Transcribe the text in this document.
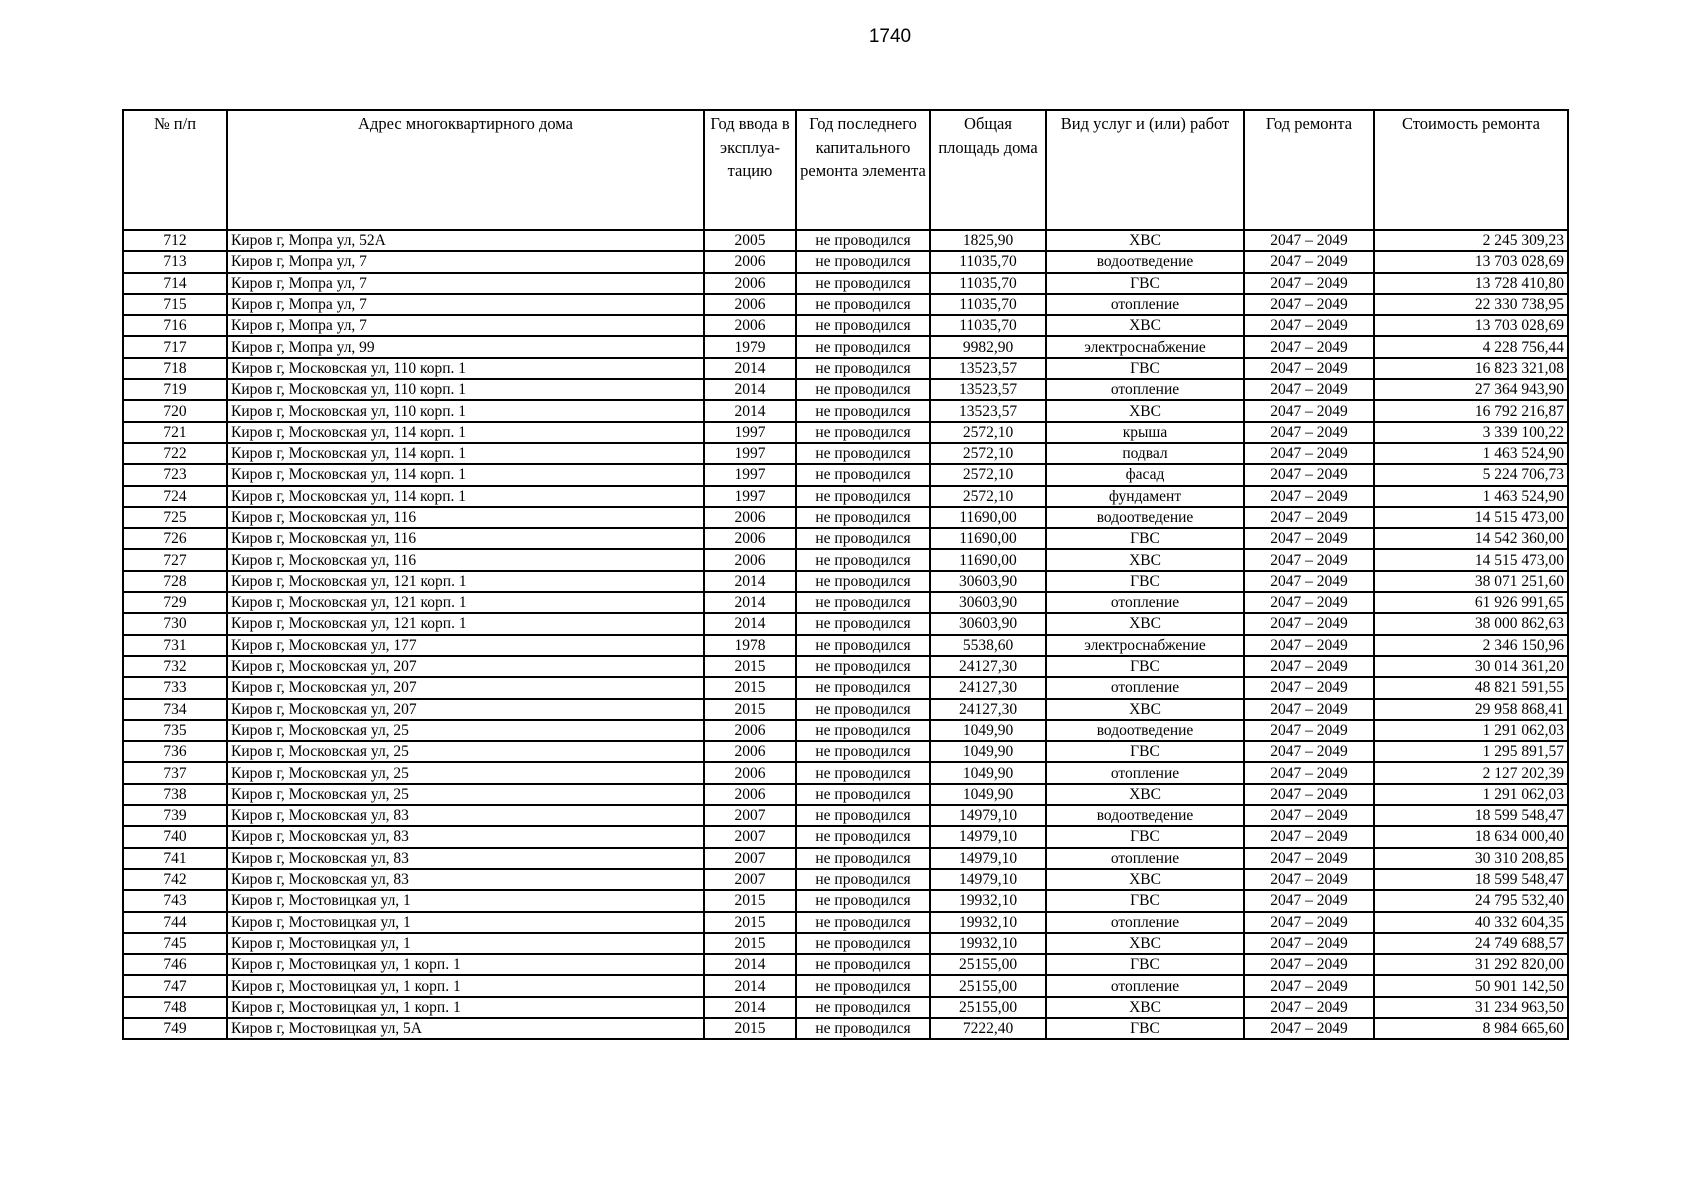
1740
№ п/п	Адрес многоквартирного дома	Год ввода в эксплуа-тацию	Год последнего капитального ремонта элемента	Общая площадь дома	Вид услуг и (или) работ	Год ремонта	Стоимость ремонта
712	Киров г, Мопра ул, 52А	2005	не проводился	1825,90	ХВС	2047 – 2049	2 245 309,23
713	Киров г, Мопра ул, 7	2006	не проводился	11035,70	водоотведение	2047 – 2049	13 703 028,69
714	Киров г, Мопра ул, 7	2006	не проводился	11035,70	ГВС	2047 – 2049	13 728 410,80
715	Киров г, Мопра ул, 7	2006	не проводился	11035,70	отопление	2047 – 2049	22 330 738,95
716	Киров г, Мопра ул, 7	2006	не проводился	11035,70	ХВС	2047 – 2049	13 703 028,69
717	Киров г, Мопра ул, 99	1979	не проводился	9982,90	электроснабжение	2047 – 2049	4 228 756,44
718	Киров г, Московская ул, 110 корп. 1	2014	не проводился	13523,57	ГВС	2047 – 2049	16 823 321,08
719	Киров г, Московская ул, 110 корп. 1	2014	не проводился	13523,57	отопление	2047 – 2049	27 364 943,90
720	Киров г, Московская ул, 110 корп. 1	2014	не проводился	13523,57	ХВС	2047 – 2049	16 792 216,87
721	Киров г, Московская ул, 114 корп. 1	1997	не проводился	2572,10	крыша	2047 – 2049	3 339 100,22
722	Киров г, Московская ул, 114 корп. 1	1997	не проводился	2572,10	подвал	2047 – 2049	1 463 524,90
723	Киров г, Московская ул, 114 корп. 1	1997	не проводился	2572,10	фасад	2047 – 2049	5 224 706,73
724	Киров г, Московская ул, 114 корп. 1	1997	не проводился	2572,10	фундамент	2047 – 2049	1 463 524,90
725	Киров г, Московская ул, 116	2006	не проводился	11690,00	водоотведение	2047 – 2049	14 515 473,00
726	Киров г, Московская ул, 116	2006	не проводился	11690,00	ГВС	2047 – 2049	14 542 360,00
727	Киров г, Московская ул, 116	2006	не проводился	11690,00	ХВС	2047 – 2049	14 515 473,00
728	Киров г, Московская ул, 121 корп. 1	2014	не проводился	30603,90	ГВС	2047 – 2049	38 071 251,60
729	Киров г, Московская ул, 121 корп. 1	2014	не проводился	30603,90	отопление	2047 – 2049	61 926 991,65
730	Киров г, Московская ул, 121 корп. 1	2014	не проводился	30603,90	ХВС	2047 – 2049	38 000 862,63
731	Киров г, Московская ул, 177	1978	не проводился	5538,60	электроснабжение	2047 – 2049	2 346 150,96
732	Киров г, Московская ул, 207	2015	не проводился	24127,30	ГВС	2047 – 2049	30 014 361,20
733	Киров г, Московская ул, 207	2015	не проводился	24127,30	отопление	2047 – 2049	48 821 591,55
734	Киров г, Московская ул, 207	2015	не проводился	24127,30	ХВС	2047 – 2049	29 958 868,41
735	Киров г, Московская ул, 25	2006	не проводился	1049,90	водоотведение	2047 – 2049	1 291 062,03
736	Киров г, Московская ул, 25	2006	не проводился	1049,90	ГВС	2047 – 2049	1 295 891,57
737	Киров г, Московская ул, 25	2006	не проводился	1049,90	отопление	2047 – 2049	2 127 202,39
738	Киров г, Московская ул, 25	2006	не проводился	1049,90	ХВС	2047 – 2049	1 291 062,03
739	Киров г, Московская ул, 83	2007	не проводился	14979,10	водоотведение	2047 – 2049	18 599 548,47
740	Киров г, Московская ул, 83	2007	не проводился	14979,10	ГВС	2047 – 2049	18 634 000,40
741	Киров г, Московская ул, 83	2007	не проводился	14979,10	отопление	2047 – 2049	30 310 208,85
742	Киров г, Московская ул, 83	2007	не проводился	14979,10	ХВС	2047 – 2049	18 599 548,47
743	Киров г, Мостовицкая ул, 1	2015	не проводился	19932,10	ГВС	2047 – 2049	24 795 532,40
744	Киров г, Мостовицкая ул, 1	2015	не проводился	19932,10	отопление	2047 – 2049	40 332 604,35
745	Киров г, Мостовицкая ул, 1	2015	не проводился	19932,10	ХВС	2047 – 2049	24 749 688,57
746	Киров г, Мостовицкая ул, 1 корп. 1	2014	не проводился	25155,00	ГВС	2047 – 2049	31 292 820,00
747	Киров г, Мостовицкая ул, 1 корп. 1	2014	не проводился	25155,00	отопление	2047 – 2049	50 901 142,50
748	Киров г, Мостовицкая ул, 1 корп. 1	2014	не проводился	25155,00	ХВС	2047 – 2049	31 234 963,50
749	Киров г, Мостовицкая ул, 5А	2015	не проводился	7222,40	ГВС	2047 – 2049	8 984 665,60
